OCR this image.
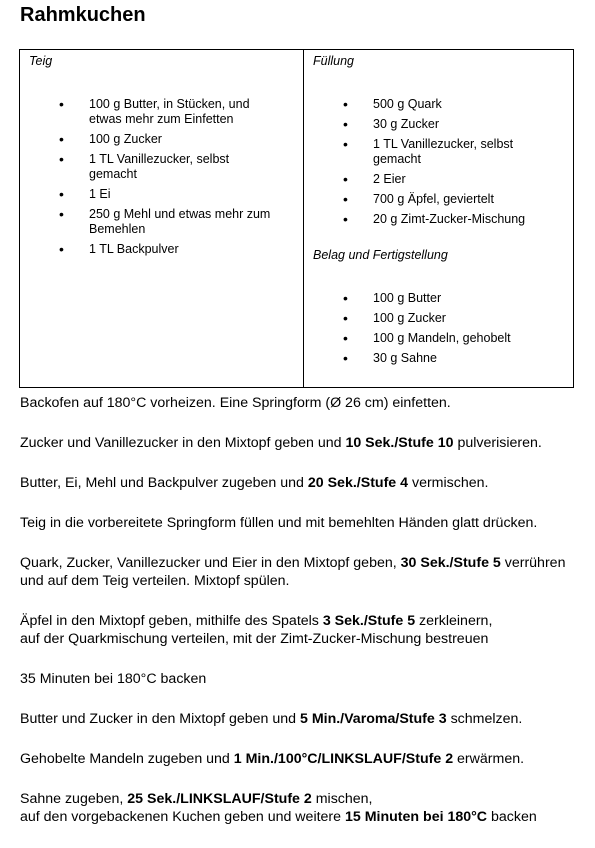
Rahmkuchen
Teig
• 100 g Butter, in Stücken, und
etwas mehr zum Einfetten
• 100 g Zucker
• 1 TL Vanillezucker, selbst
gemacht
• 1 Ei
• 250 g Mehl und etwas mehr zum
Bemehlen
• 1 TL Backpulver
Füllung
• 500 g Quark
• 30 g Zucker
• 1 TL Vanillezucker, selbst
gemacht
• 2 Eier
• 700 g Äpfel, geviertelt
• 20 g Zimt-Zucker-Mischung
Belag und Fertigstellung
• 100 g Butter
• 100 g Zucker
• 100 g Mandeln, gehobelt
• 30 g Sahne

Backofen auf 180°C vorheizen. Eine Springform (Ø 26 cm) einfetten.

Zucker und Vanillezucker in den Mixtopf geben und 10 Sek./Stufe 10 pulverisieren.

Butter, Ei, Mehl und Backpulver zugeben und 20 Sek./Stufe 4 vermischen.

Teig in die vorbereitete Springform füllen und mit bemehlten Händen glatt drücken.

Quark, Zucker, Vanillezucker und Eier in den Mixtopf geben, 30 Sek./Stufe 5 verrühren
und auf dem Teig verteilen. Mixtopf spülen.

Äpfel in den Mixtopf geben, mithilfe des Spatels 3 Sek./Stufe 5 zerkleinern,
auf der Quarkmischung verteilen, mit der Zimt-Zucker-Mischung bestreuen

35 Minuten bei 180°C backen

Butter und Zucker in den Mixtopf geben und 5 Min./Varoma/Stufe 3 schmelzen.

Gehobelte Mandeln zugeben und 1 Min./100°C/LINKSLAUF/Stufe 2 erwärmen.

Sahne zugeben, 25 Sek./LINKSLAUF/Stufe 2 mischen,
auf den vorgebackenen Kuchen geben und weitere 15 Minuten bei 180°C backen
